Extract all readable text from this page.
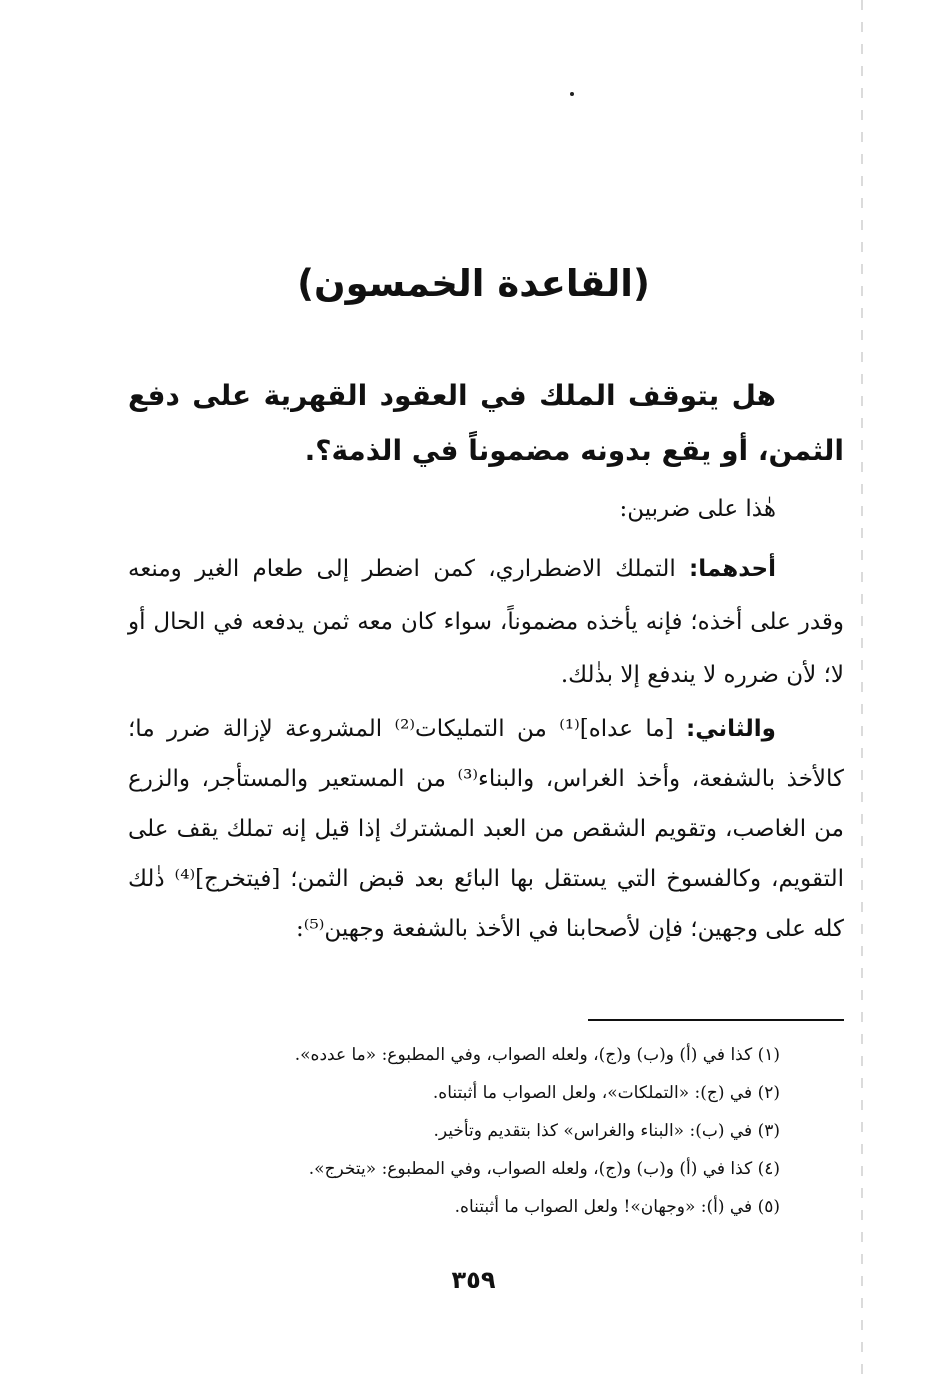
(القاعدة الخمسون)
هل يتوقف الملك في العقود القهرية على دفع الثمن، أو يقع بدونه مضموناً في الذمة؟.
هٰذا على ضربين:
أحدهما: التملك الاضطراري، كمن اضطر إلى طعام الغير ومنعه وقدر على أخذه؛ فإنه يأخذه مضموناً، سواء كان معه ثمن يدفعه في الحال أو لا؛ لأن ضرره لا يندفع إلا بذٰلك.
والثاني: [ما عداه]⁽¹⁾ من التمليكات⁽²⁾ المشروعة لإزالة ضرر ما؛ كالأخذ بالشفعة، وأخذ الغراس، والبناء⁽³⁾ من المستعير والمستأجر، والزرع من الغاصب، وتقويم الشقص من العبد المشترك إذا قيل إنه تملك يقف على التقويم، وكالفسوخ التي يستقل بها البائع بعد قبض الثمن؛ [فيتخرج]⁽⁴⁾ ذٰلك كله على وجهين؛ فإن لأصحابنا في الأخذ بالشفعة وجهين⁽⁵⁾:
(١) كذا في (أ) و(ب) و(ج)، ولعله الصواب، وفي المطبوع: «ما عدده».
(٢) في (ج): «التملكات»، ولعل الصواب ما أثبتناه.
(٣) في (ب): «البناء والغراس» كذا بتقديم وتأخير.
(٤) كذا في (أ) و(ب) و(ج)، ولعله الصواب، وفي المطبوع: «يتخرج».
(٥) في (أ): «وجهان»! ولعل الصواب ما أثبتناه.
٣٥٩
